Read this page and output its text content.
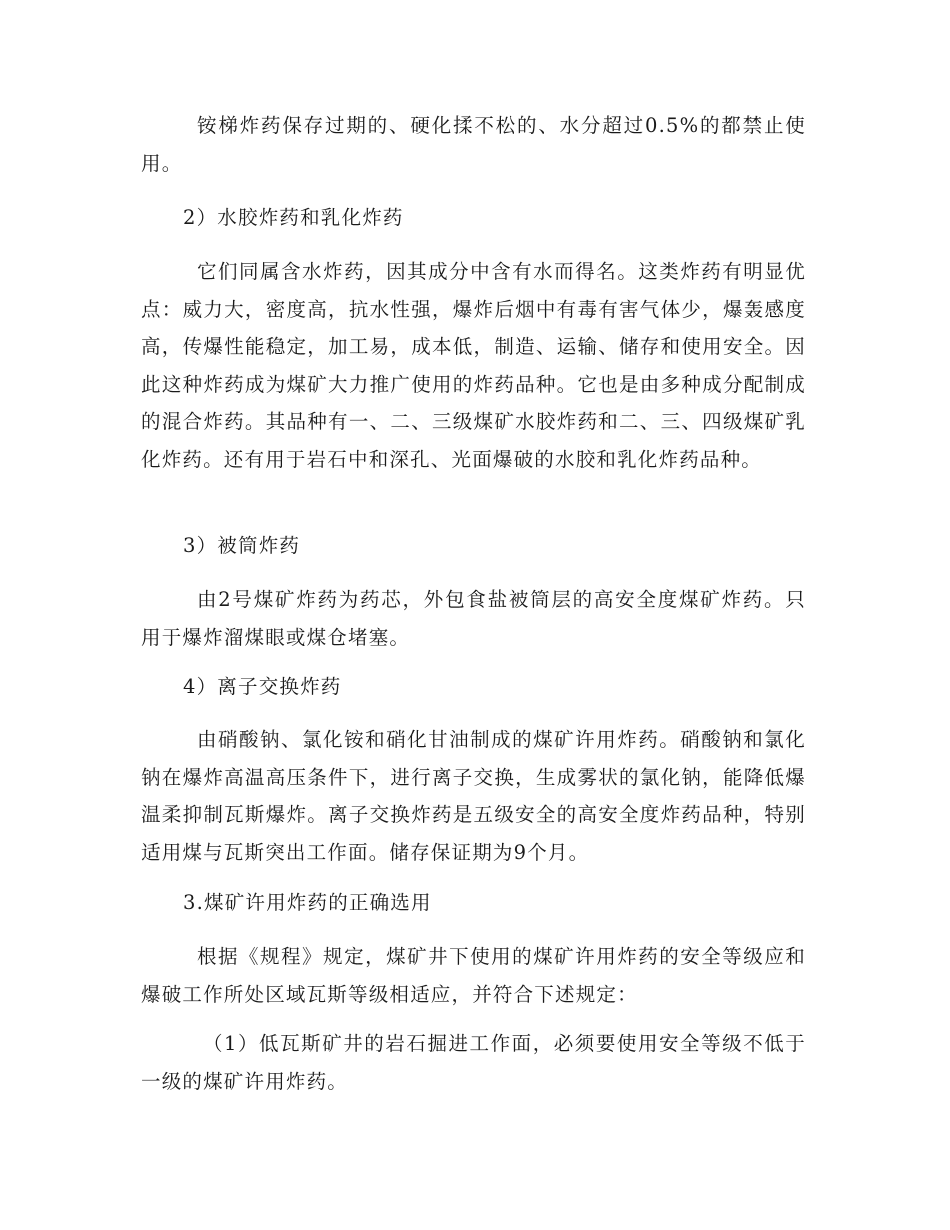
铵梯炸药保存过期的、硬化揉不松的、水分超过0.5%的都禁止使用。

2）水胶炸药和乳化炸药

它们同属含水炸药，因其成分中含有水而得名。这类炸药有明显优点：威力大，密度高，抗水性强，爆炸后烟中有毒有害气体少，爆轰感度高，传爆性能稳定，加工易，成本低，制造、运输、储存和使用安全。因此这种炸药成为煤矿大力推广使用的炸药品种。它也是由多种成分配制成的混合炸药。其品种有一、二、三级煤矿水胶炸药和二、三、四级煤矿乳化炸药。还有用于岩石中和深孔、光面爆破的水胶和乳化炸药品种。

3）被筒炸药

由2号煤矿炸药为药芯，外包食盐被筒层的高安全度煤矿炸药。只用于爆炸溜煤眼或煤仓堵塞。

4）离子交换炸药

由硝酸钠、氯化铵和硝化甘油制成的煤矿许用炸药。硝酸钠和氯化钠在爆炸高温高压条件下，进行离子交换，生成雾状的氯化钠，能降低爆温柔抑制瓦斯爆炸。离子交换炸药是五级安全的高安全度炸药品种，特别适用煤与瓦斯突出工作面。储存保证期为9个月。

3.煤矿许用炸药的正确选用

根据《规程》规定，煤矿井下使用的煤矿许用炸药的安全等级应和爆破工作所处区域瓦斯等级相适应，并符合下述规定：

（1）低瓦斯矿井的岩石掘进工作面，必须要使用安全等级不低于一级的煤矿许用炸药。
